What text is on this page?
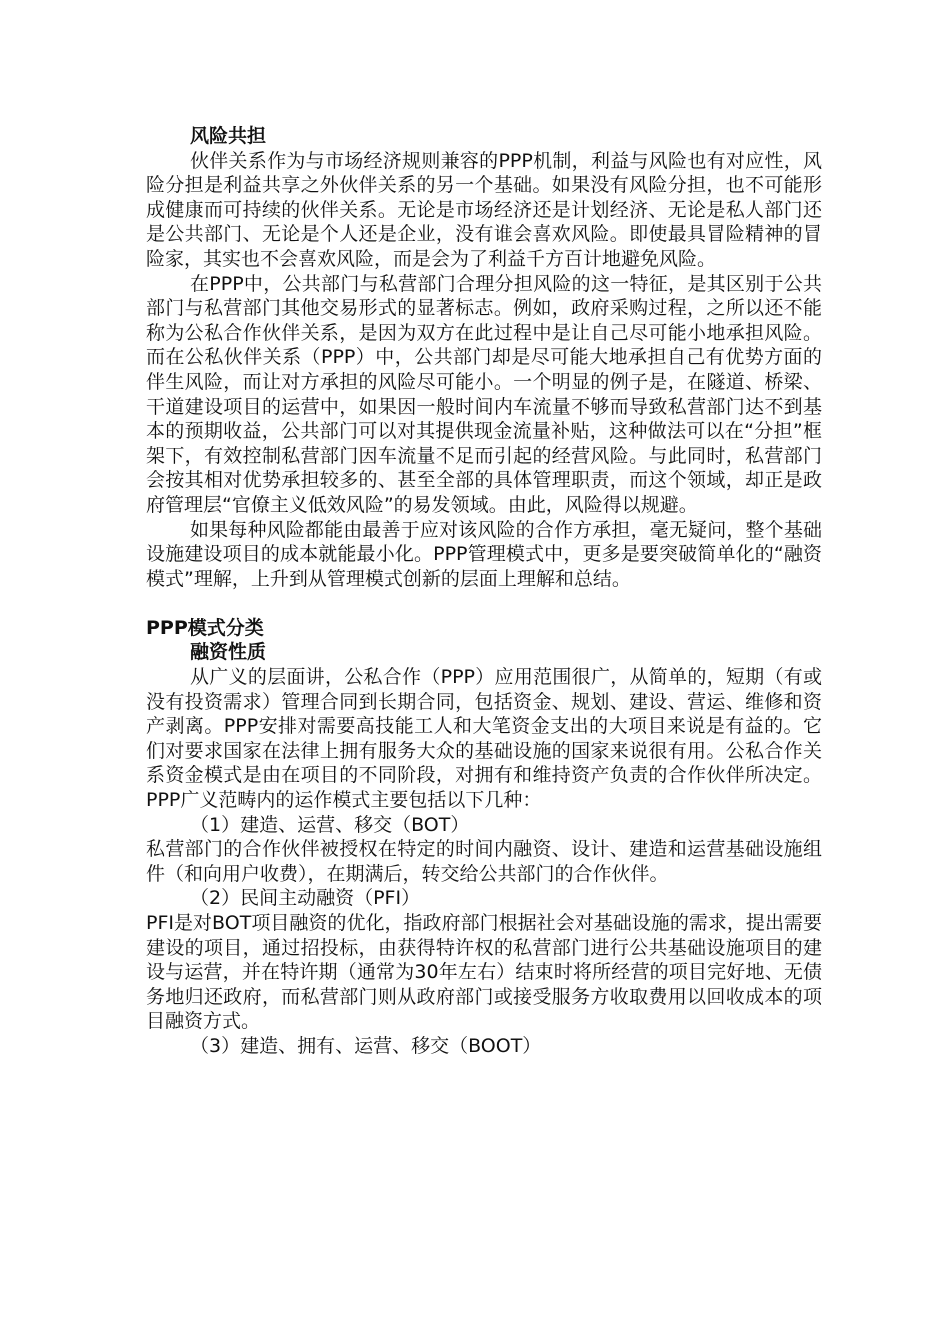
风险共担

伙伴关系作为与市场经济规则兼容的PPP机制，利益与风险也有对应性，风险分担是利益共享之外伙伴关系的另一个基础。如果没有风险分担，也不可能形成健康而可持续的伙伴关系。无论是市场经济还是计划经济、无论是私人部门还是公共部门、无论是个人还是企业，没有谁会喜欢风险。即使最具冒险精神的冒险家，其实也不会喜欢风险，而是会为了利益千方百计地避免风险。

在PPP中，公共部门与私营部门合理分担风险的这一特征，是其区别于公共部门与私营部门其他交易形式的显著标志。例如，政府采购过程，之所以还不能称为公私合作伙伴关系，是因为双方在此过程中是让自己尽可能小地承担风险。而在公私伙伴关系（PPP）中，公共部门却是尽可能大地承担自己有优势方面的伴生风险，而让对方承担的风险尽可能小。一个明显的例子是，在隧道、桥梁、干道建设项目的运营中，如果因一般时间内车流量不够而导致私营部门达不到基本的预期收益，公共部门可以对其提供现金流量补贴，这种做法可以在“分担”框架下，有效控制私营部门因车流量不足而引起的经营风险。与此同时，私营部门会按其相对优势承担较多的、甚至全部的具体管理职责，而这个领域，却正是政府管理层“官僚主义低效风险”的易发领域。由此，风险得以规避。

如果每种风险都能由最善于应对该风险的合作方承担，毫无疑问，整个基础设施建设项目的成本就能最小化。PPP管理模式中，更多是要突破简单化的“融资模式”理解，上升到从管理模式创新的层面上理解和总结。

PPP模式分类

融资性质

从广义的层面讲，公私合作（PPP）应用范围很广，从简单的，短期（有或没有投资需求）管理合同到长期合同，包括资金、规划、建设、营运、维修和资产剥离。PPP安排对需要高技能工人和大笔资金支出的大项目来说是有益的。它们对要求国家在法律上拥有服务大众的基础设施的国家来说很有用。公私合作关系资金模式是由在项目的不同阶段，对拥有和维持资产负责的合作伙伴所决定。PPP广义范畴内的运作模式主要包括以下几种：

（1）建造、运营、移交（BOT）

私营部门的合作伙伴被授权在特定的时间内融资、设计、建造和运营基础设施组件（和向用户收费），在期满后，转交给公共部门的合作伙伴。

（2）民间主动融资（PFI）

PFI是对BOT项目融资的优化，指政府部门根据社会对基础设施的需求，提出需要建设的项目，通过招投标，由获得特许权的私营部门进行公共基础设施项目的建设与运营，并在特许期（通常为30年左右）结束时将所经营的项目完好地、无债务地归还政府，而私营部门则从政府部门或接受服务方收取费用以回收成本的项目融资方式。

（3）建造、拥有、运营、移交（BOOT）
